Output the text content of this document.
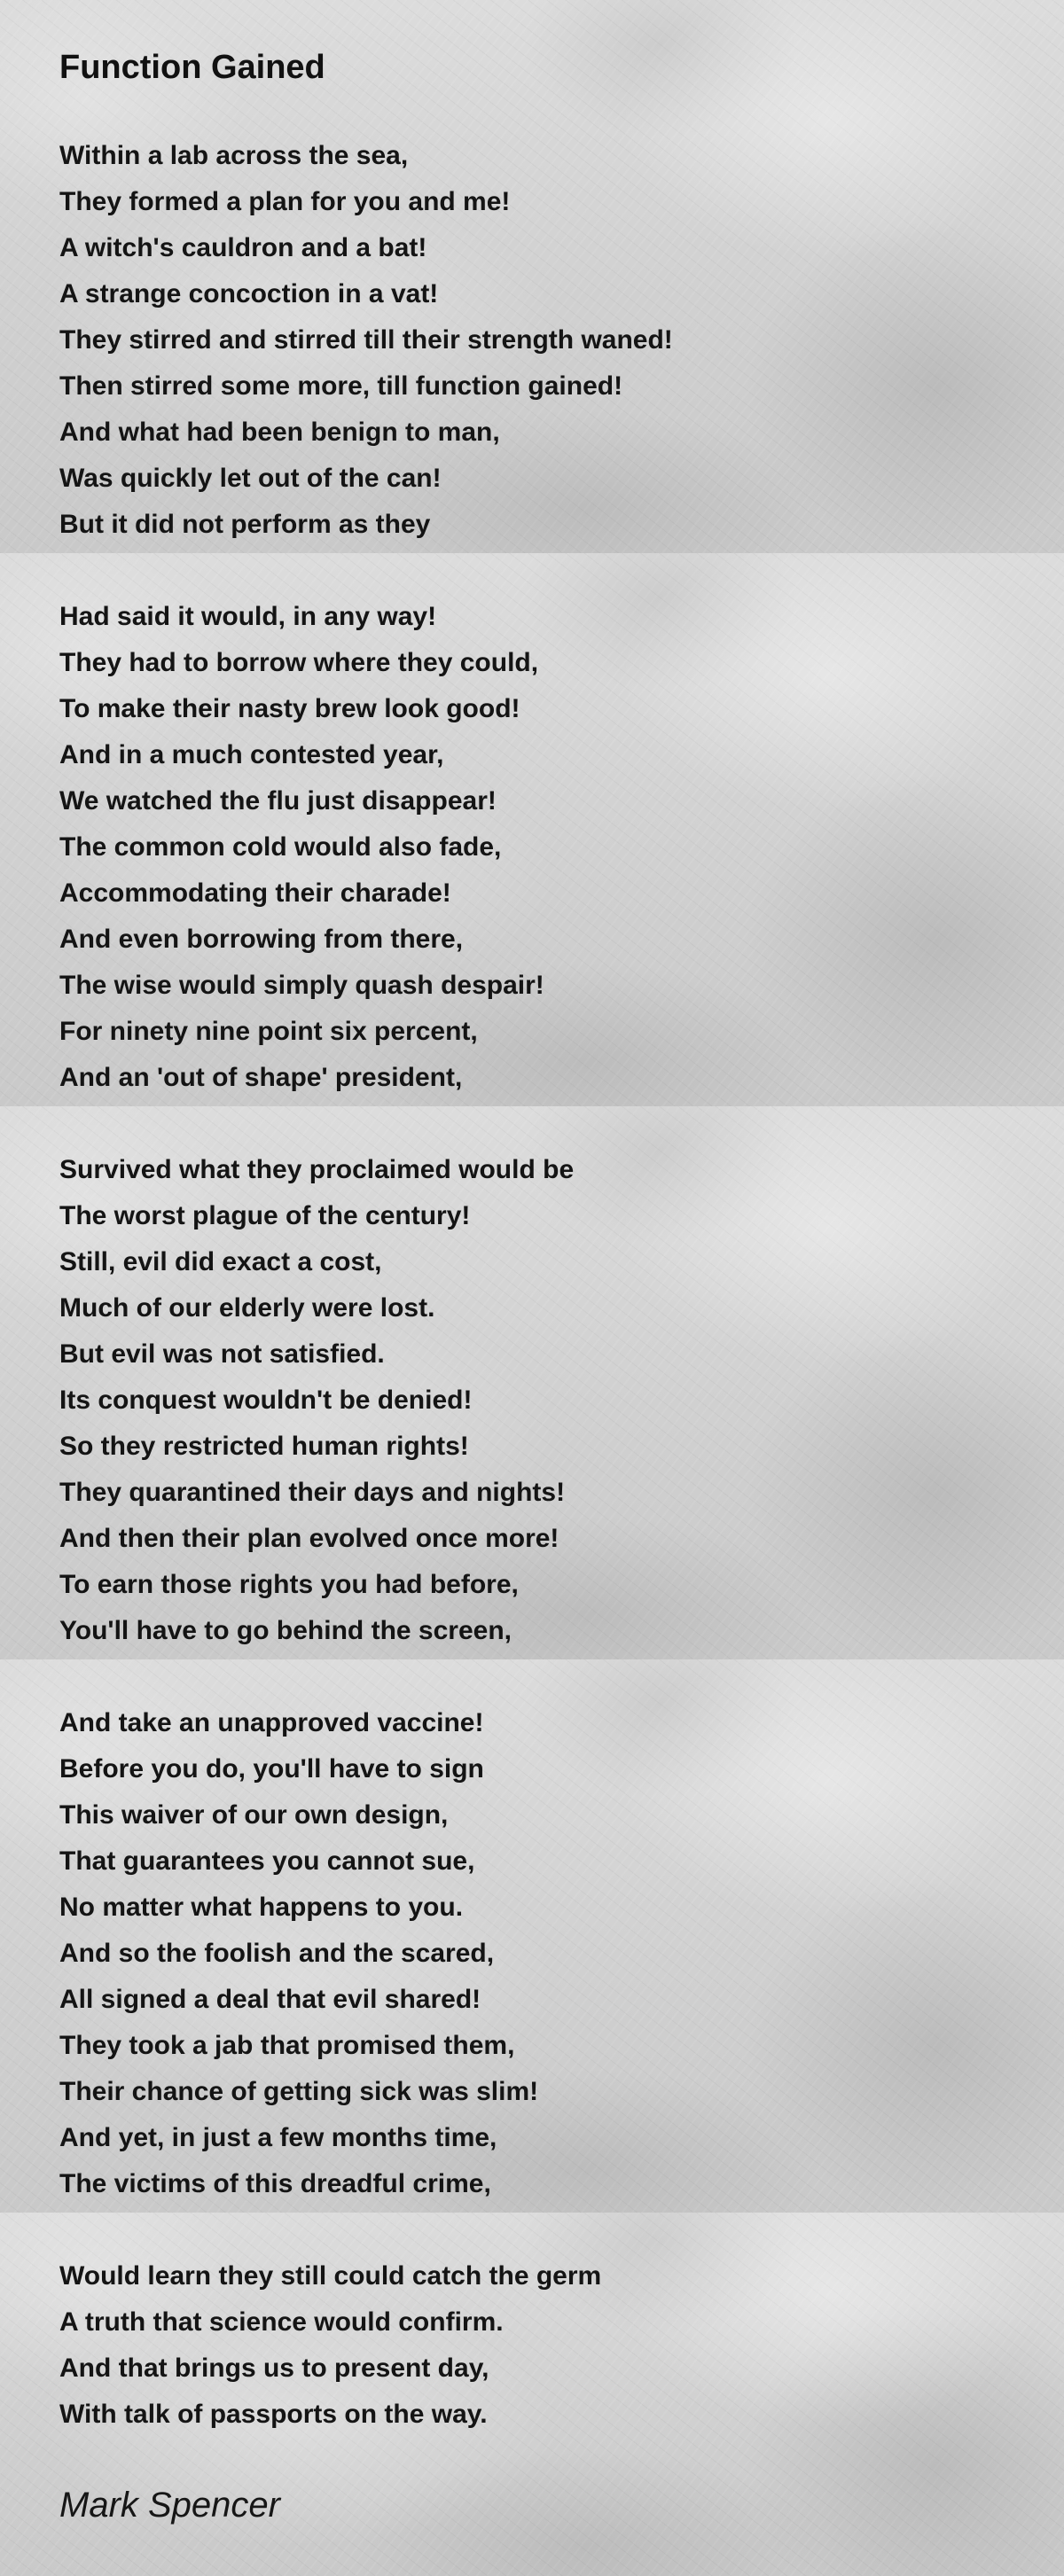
Function Gained
Within a lab across the sea,
They formed a plan for you and me!
A witch's cauldron and a bat!
A strange concoction in a vat!
They stirred and stirred till their strength waned!
Then stirred some more, till function gained!
And what had been benign to man,
Was quickly let out of the can!
But it did not perform as they
Had said it would, in any way!
They had to borrow where they could,
To make their nasty brew look good!
And in a much contested year,
We watched the flu just disappear!
The common cold would also fade,
Accommodating their charade!
And even borrowing from there,
The wise would simply quash despair!
For ninety nine point six percent,
And an 'out of shape' president,
Survived what they proclaimed would be
The worst plague of the century!
Still, evil did exact a cost,
Much of our elderly were lost.
But evil was not satisfied.
Its conquest wouldn't be denied!
So they restricted human rights!
They quarantined their days and nights!
And then their plan evolved once more!
To earn those rights you had before,
You'll have to go behind the screen,
And take an unapproved vaccine!
Before you do, you'll have to sign
This waiver of our own design,
That guarantees you cannot sue,
No matter what happens to you.
And so the foolish and the scared,
All signed a deal that evil shared!
They took a jab that promised them,
Their chance of getting sick was slim!
And yet, in just a few months time,
The victims of this dreadful crime,
Would learn they still could catch the germ
A truth that science would confirm.
And that brings us to present day,
With talk of passports on the way.

Mark Spencer
